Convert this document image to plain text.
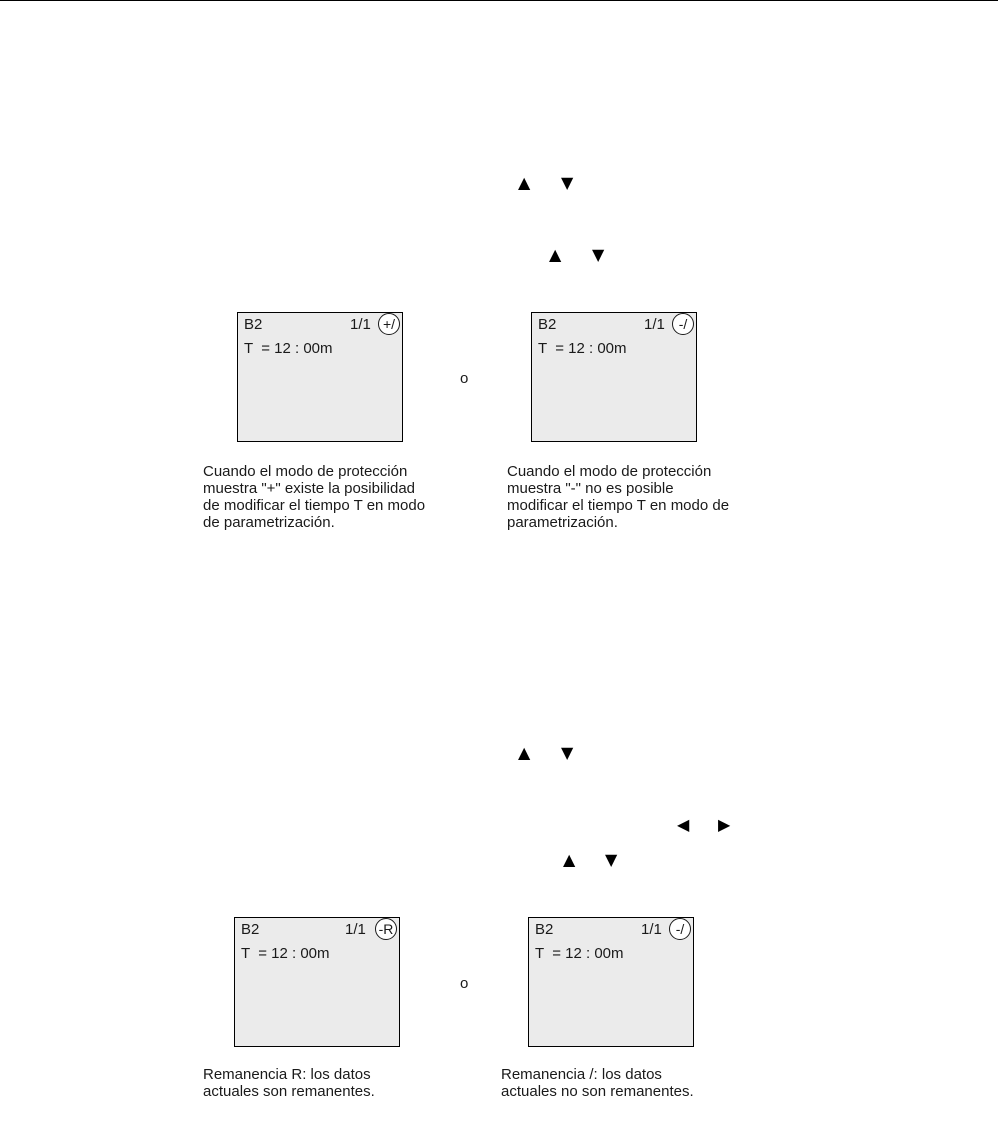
▲ ▼
▲ ▼
B2	1/1 +/
T  = 12 : 00m
o
B2	1/1 -/
T  = 12 : 00m
Cuando el modo de protección
muestra "+" existe la posibilidad
de modificar el tiempo T en modo
de parametrización.
Cuando el modo de protección
muestra "-" no es posible
modificar el tiempo T en modo de
parametrización.
▲ ▼
◀ ▶
▲ ▼
B2	1/1 -R
T  = 12 : 00m
o
B2	1/1 -/
T  = 12 : 00m
Remanencia R: los datos
actuales son remanentes.
Remanencia /: los datos
actuales no son remanentes.
